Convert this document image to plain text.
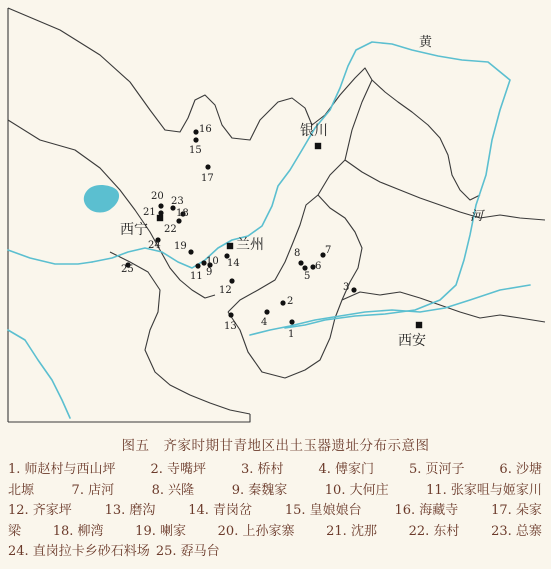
黄
河
银川
兰州
西宁
西安
1
2
3
4
5
6
7
8
9
10
11
12
13
14
15
16
17
18
19
20
21
22
23
24
25
图五　齐家时期甘青地区出土玉器遗址分布示意图
1. 师赵村与西山坪	2. 寺嘴坪	3. 桥村	4. 傅家门	5. 页河子	6. 沙塘
北塬	7. 店河	8. 兴隆	9. 秦魏家	10. 大何庄	11. 张家咀与姬家川
12. 齐家坪	13. 磨沟	14. 青岗岔	15. 皇娘娘台	16. 海藏寺	17. 朵家
梁 18. 柳湾 19. 喇家 20. 上孙家寨 21. 沈那 22. 东村 23. 总寨
24. 直岗拉卡乡砂石料场 25. 孬马台
